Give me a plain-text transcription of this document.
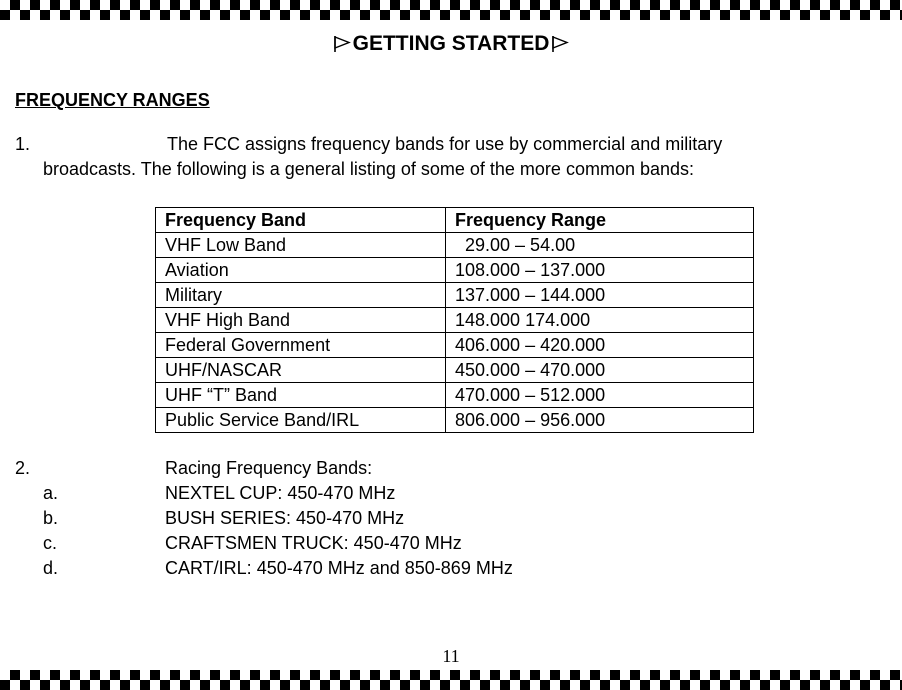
GETTING STARTED
FREQUENCY RANGES
1.	The FCC assigns frequency bands for use by commercial and military
broadcasts. The following is a general listing of some of the more common bands:
Frequency Band	Frequency Range
VHF Low Band	29.00 – 54.00
Aviation	108.000 – 137.000
Military	137.000 – 144.000
VHF High Band	148.000 174.000
Federal Government	406.000 – 420.000
UHF/NASCAR	450.000 – 470.000
UHF “T” Band	470.000 – 512.000
Public Service Band/IRL	806.000 – 956.000
2.	Racing Frequency Bands:
a.	NEXTEL CUP: 450-470 MHz
b.	BUSH SERIES: 450-470 MHz
c.	CRAFTSMEN TRUCK: 450-470 MHz
d.	CART/IRL: 450-470 MHz and 850-869 MHz
11
